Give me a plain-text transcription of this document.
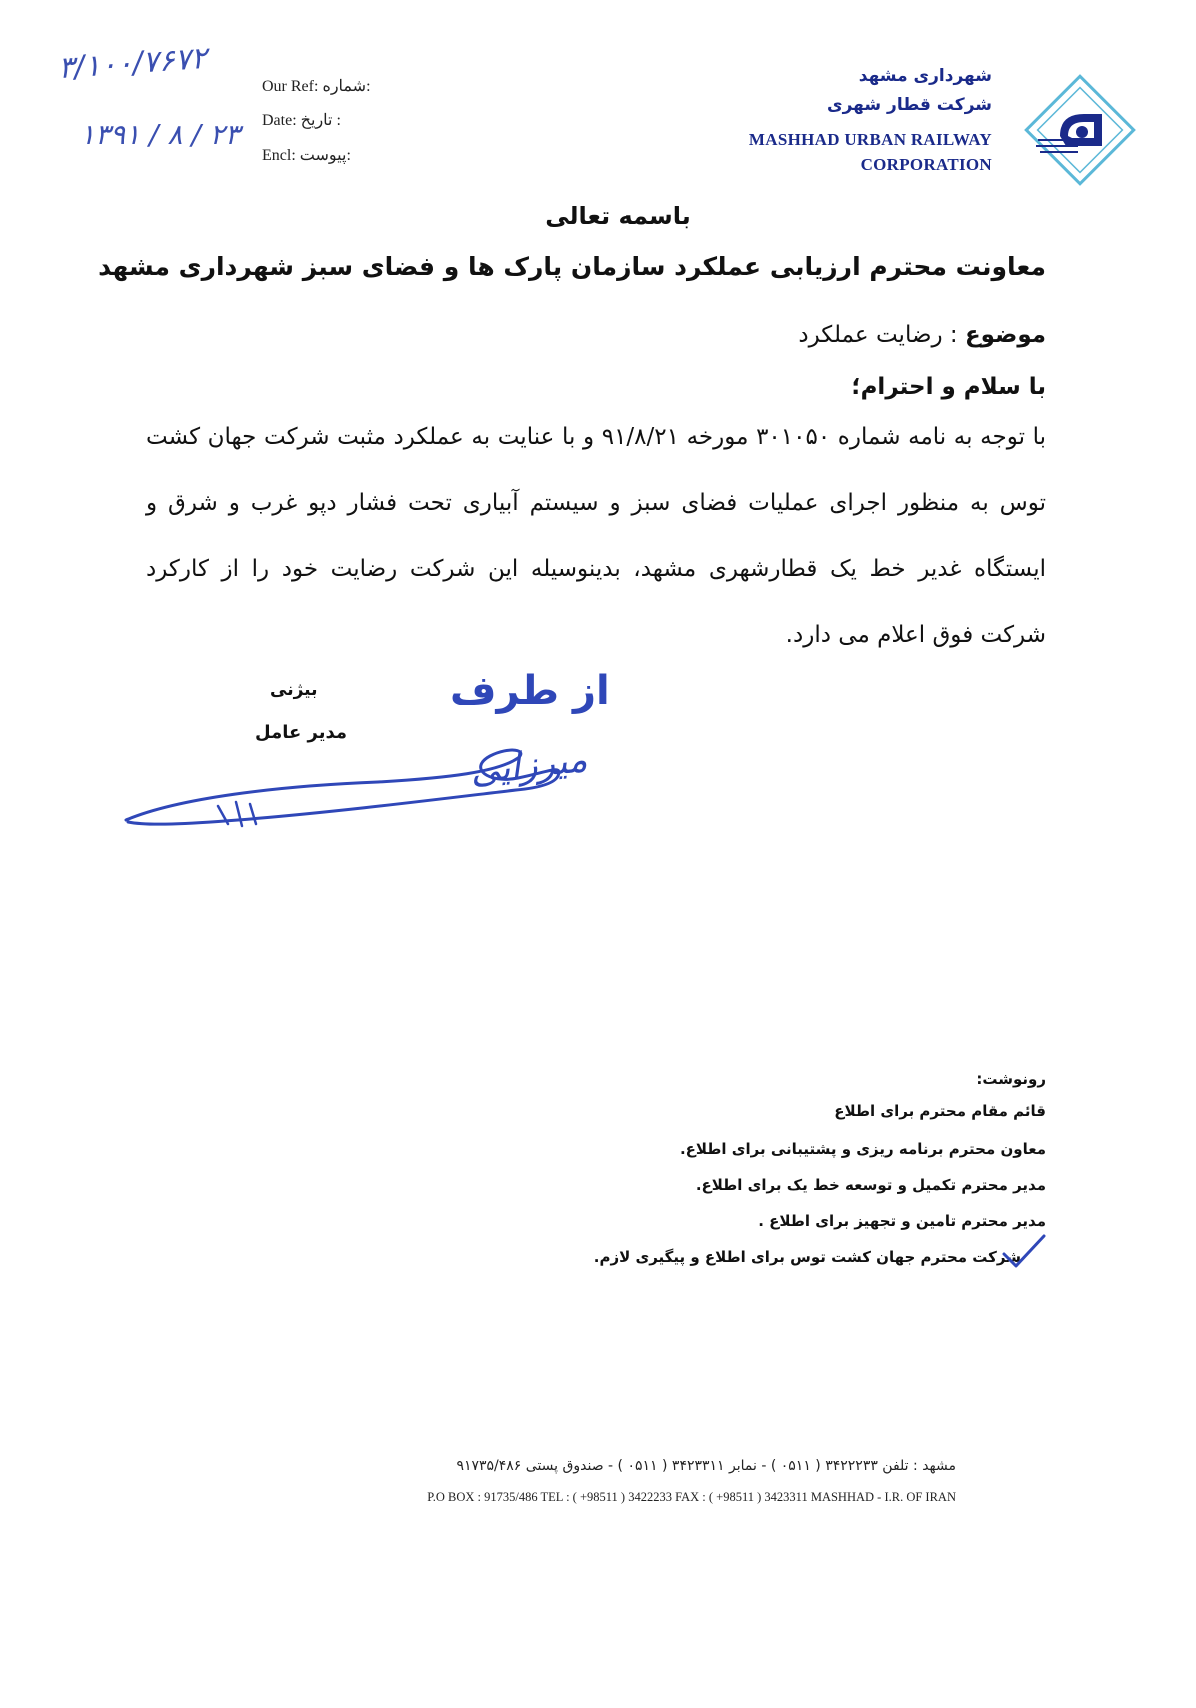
شهرداری مشهد
شرکت قطار شهری
MASHHAD URBAN RAILWAY
CORPORATION
Our Ref: شماره:
Date: تاریخ :
Encl: پیوست:
۳/۱۰۰/۷۶۷۲
۱۳۹۱ / ۸ / ۲۳
باسمه تعالی
معاونت محترم ارزیابی عملکرد سازمان پارک ها و فضای سبز شهرداری مشهد
موضوع : رضایت عملکرد
با سلام و احترام؛
با توجه به نامه شماره ۳۰۱۰۵۰ مورخه ۹۱/۸/۲۱ و با عنایت به عملکرد مثبت شرکت جهان کشت توس به منظور اجرای عملیات فضای سبز و سیستم آبیاری تحت فشار دپو غرب و شرق و ایستگاه غدیر خط یک قطارشهری مشهد، بدینوسیله این شرکت رضایت خود را از کارکرد شرکت فوق اعلام می دارد.
بیژنی
مدیر عامل
از طرف
میرزایی
رونوشت:
قائم مقام محترم برای اطلاع
معاون محترم برنامه ریزی و پشتیبانی برای اطلاع.
مدیر محترم تکمیل و توسعه خط یک برای اطلاع.
مدیر محترم تامین و تجهیز برای اطلاع .
شرکت محترم جهان کشت توس برای اطلاع و پیگیری لازم.
مشهد : تلفن ۳۴۲۲۲۳۳ ( ۰۵۱۱ ) - نمابر ۳۴۲۳۳۱۱ ( ۰۵۱۱ ) - صندوق پستی ۹۱۷۳۵/۴۸۶
P.O BOX : 91735/486 TEL : ( +98511 ) 3422233 FAX : ( +98511 ) 3423311 MASHHAD - I.R. OF IRAN
